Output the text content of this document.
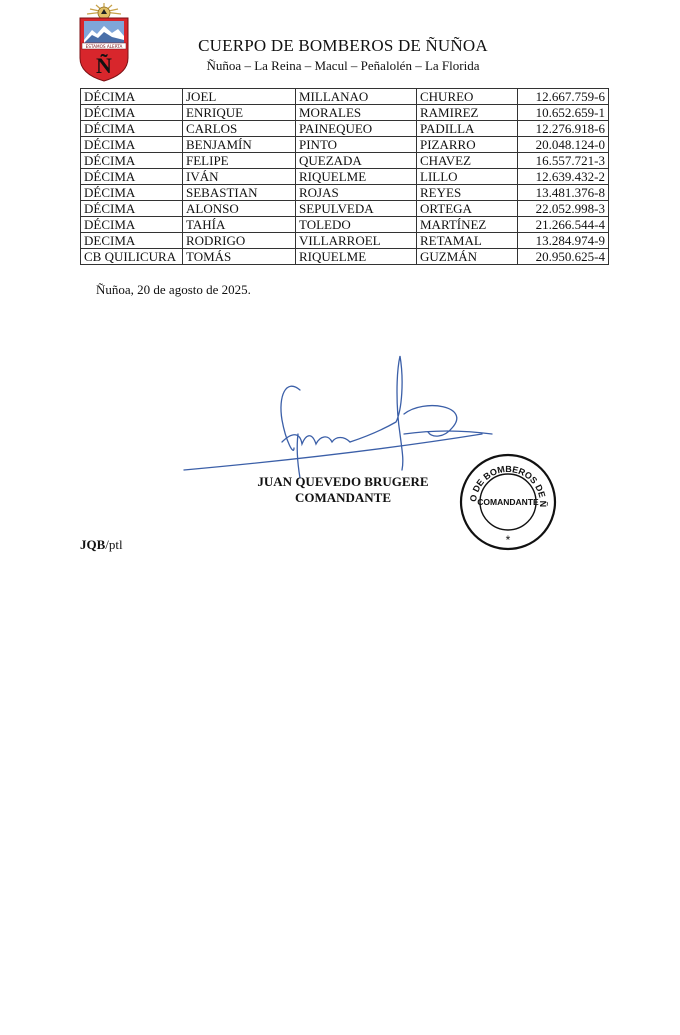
ESTAMOS ALERTA
Ñ
CUERPO DE BOMBEROS DE ÑUÑOA
Ñuñoa – La Reina – Macul – Peñalolén – La Florida
DÉCIMA	JOEL	MILLANAO	CHUREO	12.667.759-6
DÉCIMA	ENRIQUE	MORALES	RAMIREZ	10.652.659-1
DÉCIMA	CARLOS	PAINEQUEO	PADILLA	12.276.918-6
DÉCIMA	BENJAMÍN	PINTO	PIZARRO	20.048.124-0
DÉCIMA	FELIPE	QUEZADA	CHAVEZ	16.557.721-3
DÉCIMA	IVÁN	RIQUELME	LILLO	12.639.432-2
DÉCIMA	SEBASTIAN	ROJAS	REYES	13.481.376-8
DÉCIMA	ALONSO	SEPULVEDA	ORTEGA	22.052.998-3
DÉCIMA	TAHÍA	TOLEDO	MARTÍNEZ	21.266.544-4
DECIMA	RODRIGO	VILLARROEL	RETAMAL	13.284.974-9
CB QUILICURA	TOMÁS	RIQUELME	GUZMÁN	20.950.625-4
Ñuñoa, 20 de agosto de 2025.
JUAN QUEVEDO BRUGERE
COMANDANTE	O DE BOMBEROS DE Ñ
COMANDANTE
*
JQB/ptl
